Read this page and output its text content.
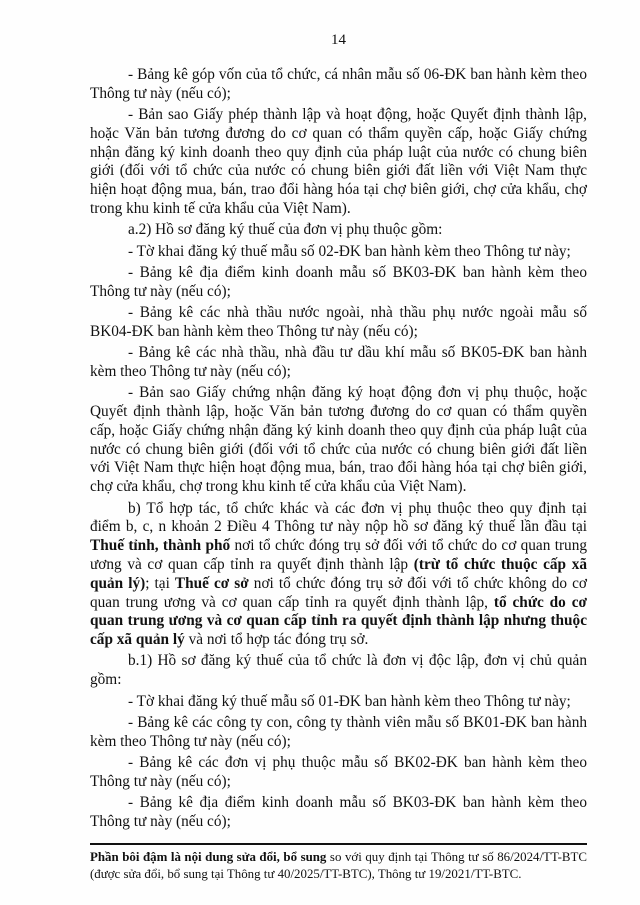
14

- Bảng kê góp vốn của tổ chức, cá nhân mẫu số 06-ĐK ban hành kèm theo Thông tư này (nếu có);

- Bản sao Giấy phép thành lập và hoạt động, hoặc Quyết định thành lập, hoặc Văn bản tương đương do cơ quan có thẩm quyền cấp, hoặc Giấy chứng nhận đăng ký kinh doanh theo quy định của pháp luật của nước có chung biên giới (đối với tổ chức của nước có chung biên giới đất liền với Việt Nam thực hiện hoạt động mua, bán, trao đổi hàng hóa tại chợ biên giới, chợ cửa khẩu, chợ trong khu kinh tế cửa khẩu của Việt Nam).

a.2) Hồ sơ đăng ký thuế của đơn vị phụ thuộc gồm:

- Tờ khai đăng ký thuế mẫu số 02-ĐK ban hành kèm theo Thông tư này;

- Bảng kê địa điểm kinh doanh mẫu số BK03-ĐK ban hành kèm theo Thông tư này (nếu có);

- Bảng kê các nhà thầu nước ngoài, nhà thầu phụ nước ngoài mẫu số BK04-ĐK ban hành kèm theo Thông tư này (nếu có);

- Bảng kê các nhà thầu, nhà đầu tư dầu khí mẫu số BK05-ĐK ban hành kèm theo Thông tư này (nếu có);

- Bản sao Giấy chứng nhận đăng ký hoạt động đơn vị phụ thuộc, hoặc Quyết định thành lập, hoặc Văn bản tương đương do cơ quan có thẩm quyền cấp, hoặc Giấy chứng nhận đăng ký kinh doanh theo quy định của pháp luật của nước có chung biên giới (đối với tổ chức của nước có chung biên giới đất liền với Việt Nam thực hiện hoạt động mua, bán, trao đổi hàng hóa tại chợ biên giới, chợ cửa khẩu, chợ trong khu kinh tế cửa khẩu của Việt Nam).

b) Tổ hợp tác, tổ chức khác và các đơn vị phụ thuộc theo quy định tại điểm b, c, n khoản 2 Điều 4 Thông tư này nộp hồ sơ đăng ký thuế lần đầu tại Thuế tỉnh, thành phố nơi tổ chức đóng trụ sở đối với tổ chức do cơ quan trung ương và cơ quan cấp tỉnh ra quyết định thành lập (trừ tổ chức thuộc cấp xã quản lý); tại Thuế cơ sở nơi tổ chức đóng trụ sở đối với tổ chức không do cơ quan trung ương và cơ quan cấp tỉnh ra quyết định thành lập, tổ chức do cơ quan trung ương và cơ quan cấp tỉnh ra quyết định thành lập nhưng thuộc cấp xã quản lý và nơi tổ hợp tác đóng trụ sở.

b.1) Hồ sơ đăng ký thuế của tổ chức là đơn vị độc lập, đơn vị chủ quản gồm:

- Tờ khai đăng ký thuế mẫu số 01-ĐK ban hành kèm theo Thông tư này;

- Bảng kê các công ty con, công ty thành viên mẫu số BK01-ĐK ban hành kèm theo Thông tư này (nếu có);

- Bảng kê các đơn vị phụ thuộc mẫu số BK02-ĐK ban hành kèm theo Thông tư này (nếu có);

- Bảng kê địa điểm kinh doanh mẫu số BK03-ĐK ban hành kèm theo Thông tư này (nếu có);

Phần bôi đậm là nội dung sửa đổi, bổ sung so với quy định tại Thông tư số 86/2024/TT-BTC (được sửa đổi, bổ sung tại Thông tư 40/2025/TT-BTC), Thông tư 19/2021/TT-BTC.
